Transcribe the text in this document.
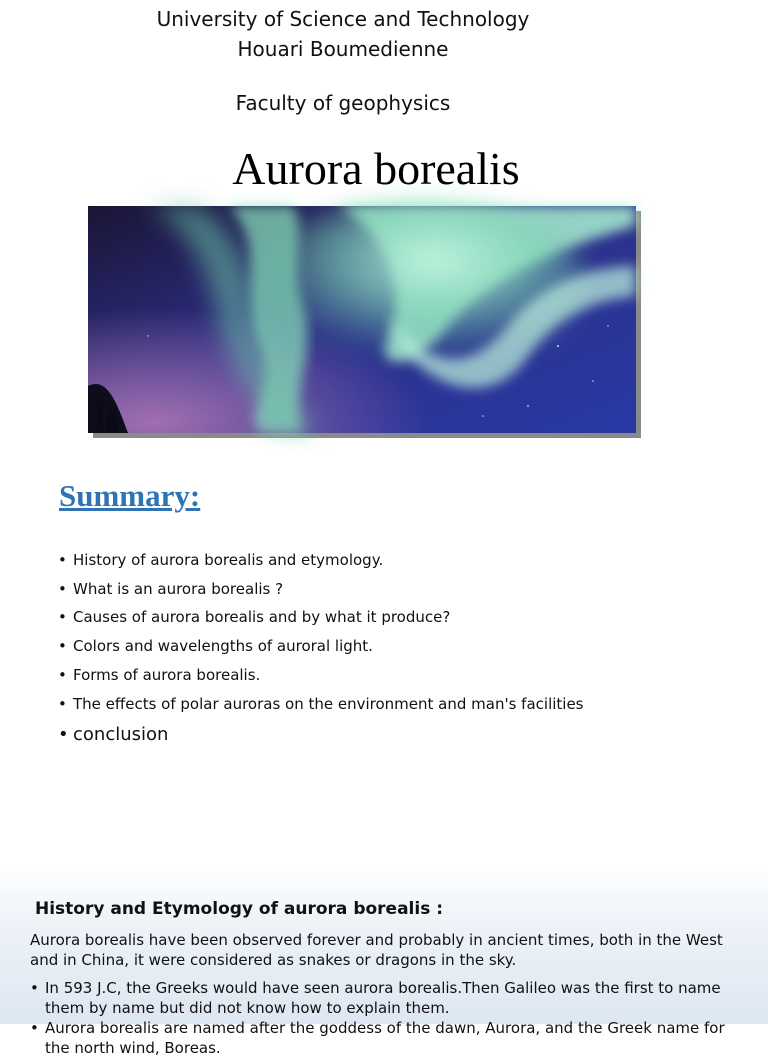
University of Science and Technology
Houari Boumedienne
Faculty of geophysics
Aurora borealis
Summary:
• History of aurora borealis and etymology.
• What is an aurora borealis ?
• Causes of aurora borealis and by what it produce?
• Colors and wavelengths of auroral light.
• Forms of aurora borealis.
• The effects of polar auroras on the environment and man's facilities
• conclusion
History and Etymology of aurora borealis :
Aurora borealis have been observed forever and probably in ancient times, both in the West and in China, it were considered as snakes or dragons in the sky.
• In 593 J.C, the Greeks would have seen aurora borealis.Then Galileo was the first to name them by name but did not know how to explain them.
• Aurora borealis are named after the goddess of the dawn, Aurora, and the Greek name for the north wind, Boreas.
